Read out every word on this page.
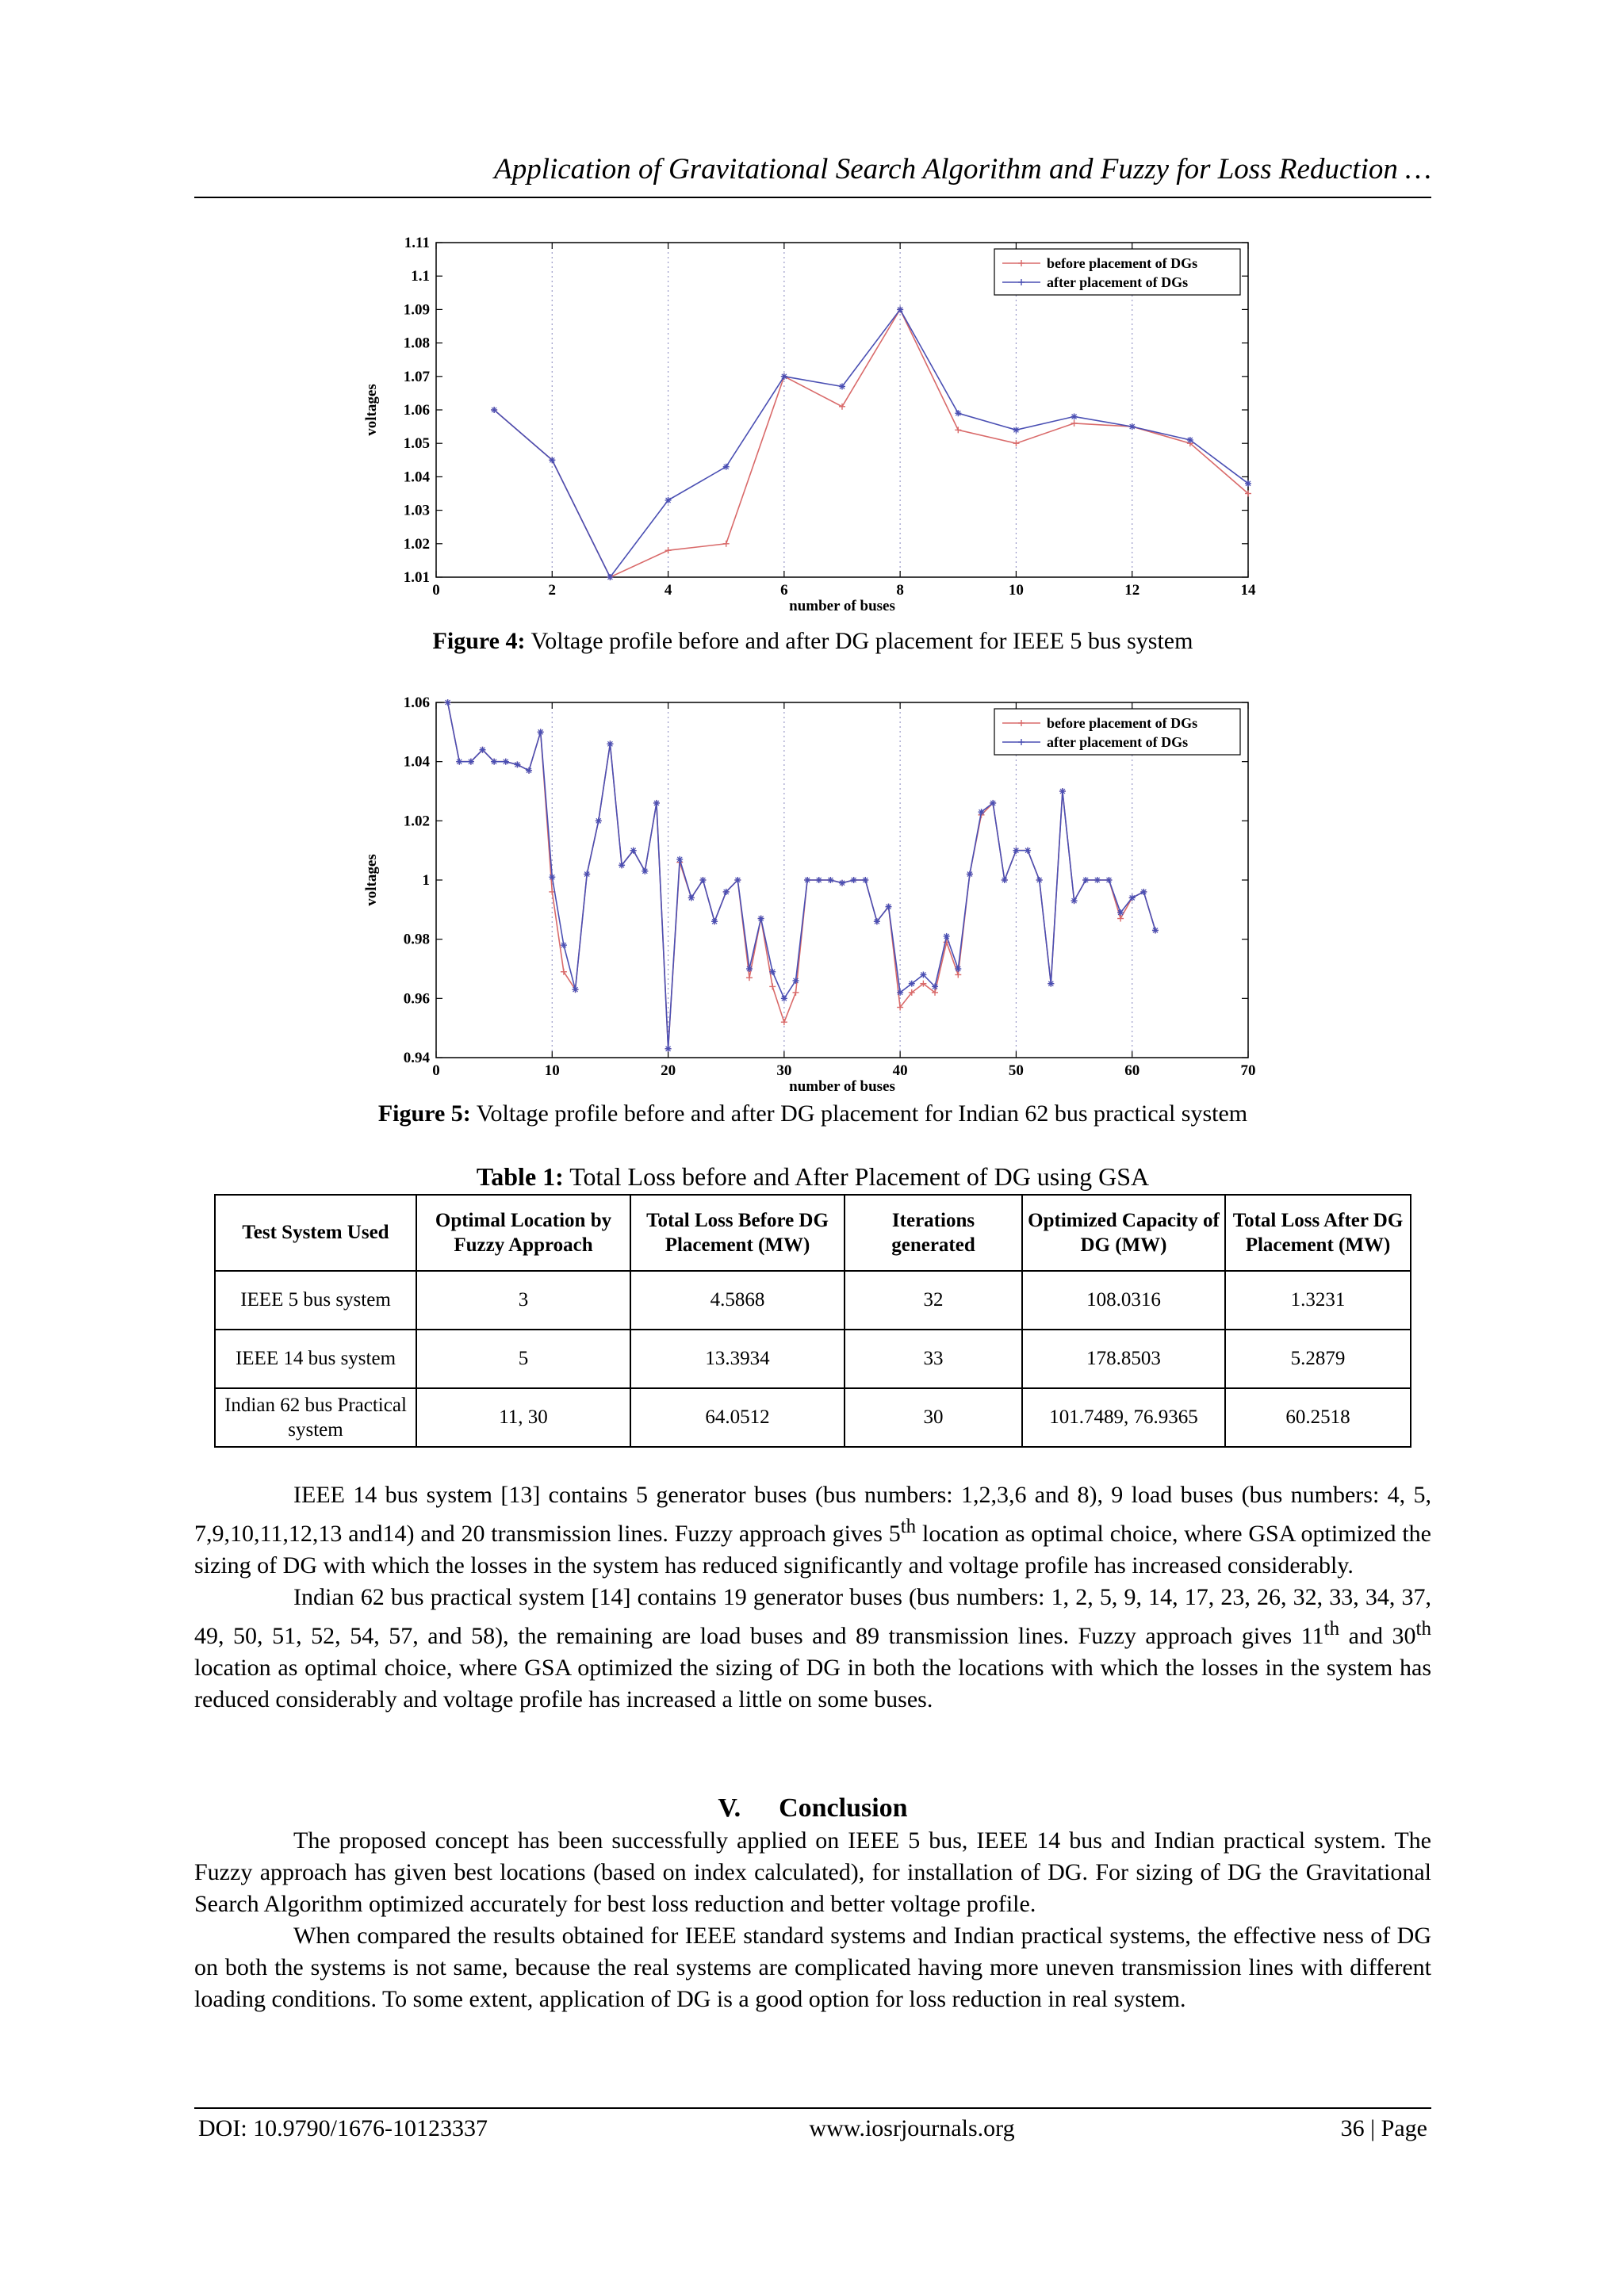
Application of Gravitational Search Algorithm and Fuzzy for Loss Reduction …
0	2	4	6	8	10	12	14
1.01
1.02
1.03
1.04
1.05
1.06
1.07
1.08
1.09
1.1
1.11
number of buses
voltages
before placement of DGs
after placement of DGs
Figure 4: Voltage profile before and after DG placement for IEEE 5 bus system
0	10	20	30	40	50	60	70
0.94
0.96
0.98
1
1.02
1.04
1.06
number of buses
voltages
before placement of DGs
after placement of DGs
Figure 5: Voltage profile before and after DG placement for Indian 62 bus practical system
Table 1: Total Loss before and After Placement of DG using GSA
Test System Used	Optimal Location by Fuzzy Approach	Total Loss Before DG Placement (MW)	Iterations generated	Optimized Capacity of DG (MW)	Total Loss After DG Placement (MW)
IEEE 5 bus system	3	4.5868	32	108.0316	1.3231
IEEE 14 bus system	5	13.3934	33	178.8503	5.2879
Indian 62 bus Practical system	11, 30	64.0512	30	101.7489, 76.9365	60.2518

IEEE 14 bus system [13] contains 5 generator buses (bus numbers: 1,2,3,6 and 8), 9 load buses (bus numbers: 4, 5, 7,9,10,11,12,13 and14) and 20 transmission lines. Fuzzy approach gives 5th location as optimal choice, where GSA optimized the sizing of DG with which the losses in the system has reduced significantly and voltage profile has increased considerably.

Indian 62 bus practical system [14] contains 19 generator buses (bus numbers: 1, 2, 5, 9, 14, 17, 23, 26, 32, 33, 34, 37, 49, 50, 51, 52, 54, 57, and 58), the remaining are load buses and 89 transmission lines. Fuzzy approach gives 11th and 30th location as optimal choice, where GSA optimized the sizing of DG in both the locations with which the losses in the system has reduced considerably and voltage profile has increased a little on some buses.

V. Conclusion

The proposed concept has been successfully applied on IEEE 5 bus, IEEE 14 bus and Indian practical system. The Fuzzy approach has given best locations (based on index calculated), for installation of DG. For sizing of DG the Gravitational Search Algorithm optimized accurately for best loss reduction and better voltage profile.

When compared the results obtained for IEEE standard systems and Indian practical systems, the effective ness of DG on both the systems is not same, because the real systems are complicated having more uneven transmission lines with different loading conditions. To some extent, application of DG is a good option for loss reduction in real system.

DOI: 10.9790/1676-10123337	www.iosrjournals.org	36 | Page
